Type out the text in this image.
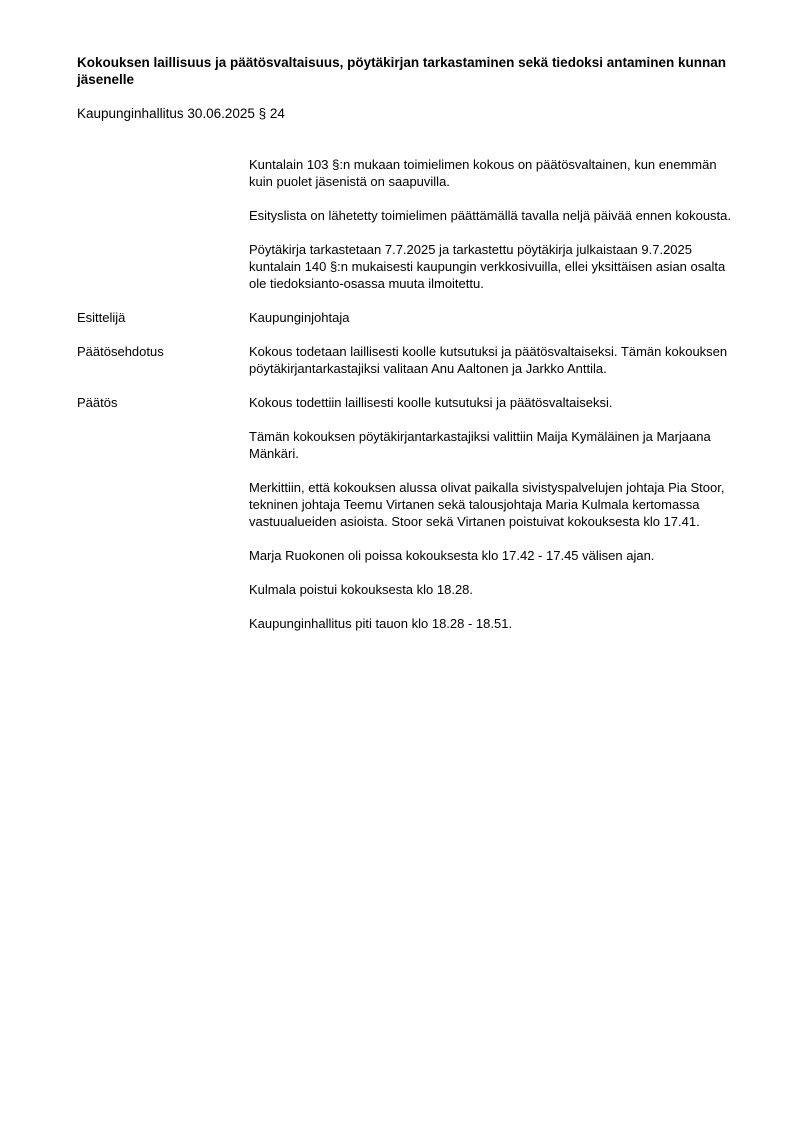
Kokouksen laillisuus ja päätösvaltaisuus, pöytäkirjan tarkastaminen sekä tiedoksi antaminen kunnan jäsenelle
Kaupunginhallitus 30.06.2025 § 24

Kuntalain 103 §:n mukaan toimielimen kokous on päätösvaltainen, kun enemmän kuin puolet jäsenistä on saapuvilla.

Esityslista on lähetetty toimielimen päättämällä tavalla neljä päivää ennen kokousta.

Pöytäkirja tarkastetaan 7.7.2025 ja tarkastettu pöytäkirja julkaistaan 9.7.2025 kuntalain 140 §:n mukaisesti kaupungin verkkosivuilla, ellei yksittäisen asian osalta ole tiedoksianto-osassa muuta ilmoitettu.

Esittelijä	Kaupunginjohtaja

Päätösehdotus	Kokous todetaan laillisesti koolle kutsutuksi ja päätösvaltaiseksi. Tämän kokouksen pöytäkirjantarkastajiksi valitaan Anu Aaltonen ja Jarkko Anttila.

Päätös	Kokous todettiin laillisesti koolle kutsutuksi ja päätösvaltaiseksi.

Tämän kokouksen pöytäkirjantarkastajiksi valittiin Maija Kymäläinen ja Marjaana Mänkäri.

Merkittiin, että kokouksen alussa olivat paikalla sivistyspalvelujen johtaja Pia Stoor, tekninen johtaja Teemu Virtanen sekä talousjohtaja Maria Kulmala kertomassa vastuualueiden asioista. Stoor sekä Virtanen poistuivat kokouksesta klo 17.41.

Marja Ruokonen oli poissa kokouksesta klo 17.42 - 17.45 välisen ajan.

Kulmala poistui kokouksesta klo 18.28.

Kaupunginhallitus piti tauon klo 18.28 - 18.51.
